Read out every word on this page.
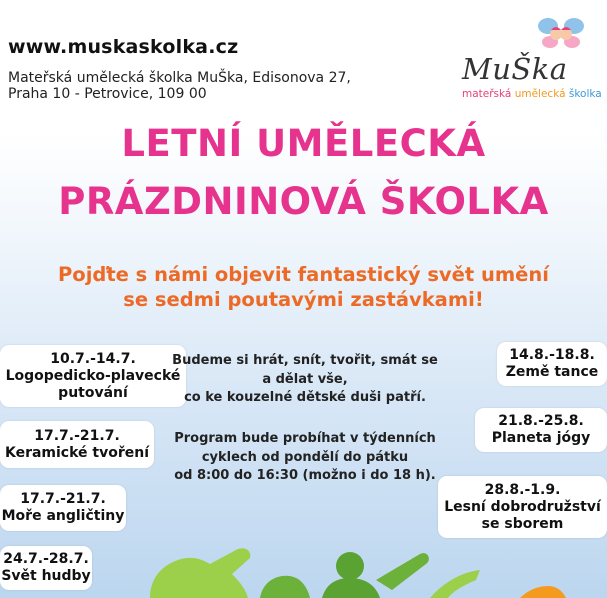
www.muskaskolka.cz
Mateřská umělecká školka MuŠka, Edisonova 27,
Praha 10 - Petrovice, 109 00
MuŠka
mateřská umělecká školka
LETNÍ UMĚLECKÁ
PRÁZDNINOVÁ ŠKOLKA
Pojďte s námi objevit fantastický svět umění
se sedmi poutavými zastávkami!
10.7.-14.7.
Logopedicko-plavecké
putování
17.7.-21.7.
Keramické tvoření
17.7.-21.7.
Moře angličtiny
24.7.-28.7.
Svět hudby
14.8.-18.8.
Země tance
21.8.-25.8.
Planeta jógy
28.8.-1.9.
Lesní dobrodružství
se sborem
Budeme si hrát, snít, tvořit, smát se
a dělat vše,
co ke kouzelné dětské duši patří.
Program bude probíhat v týdenních
cyklech od pondělí do pátku
od 8:00 do 16:30 (možno i do 18 h).
